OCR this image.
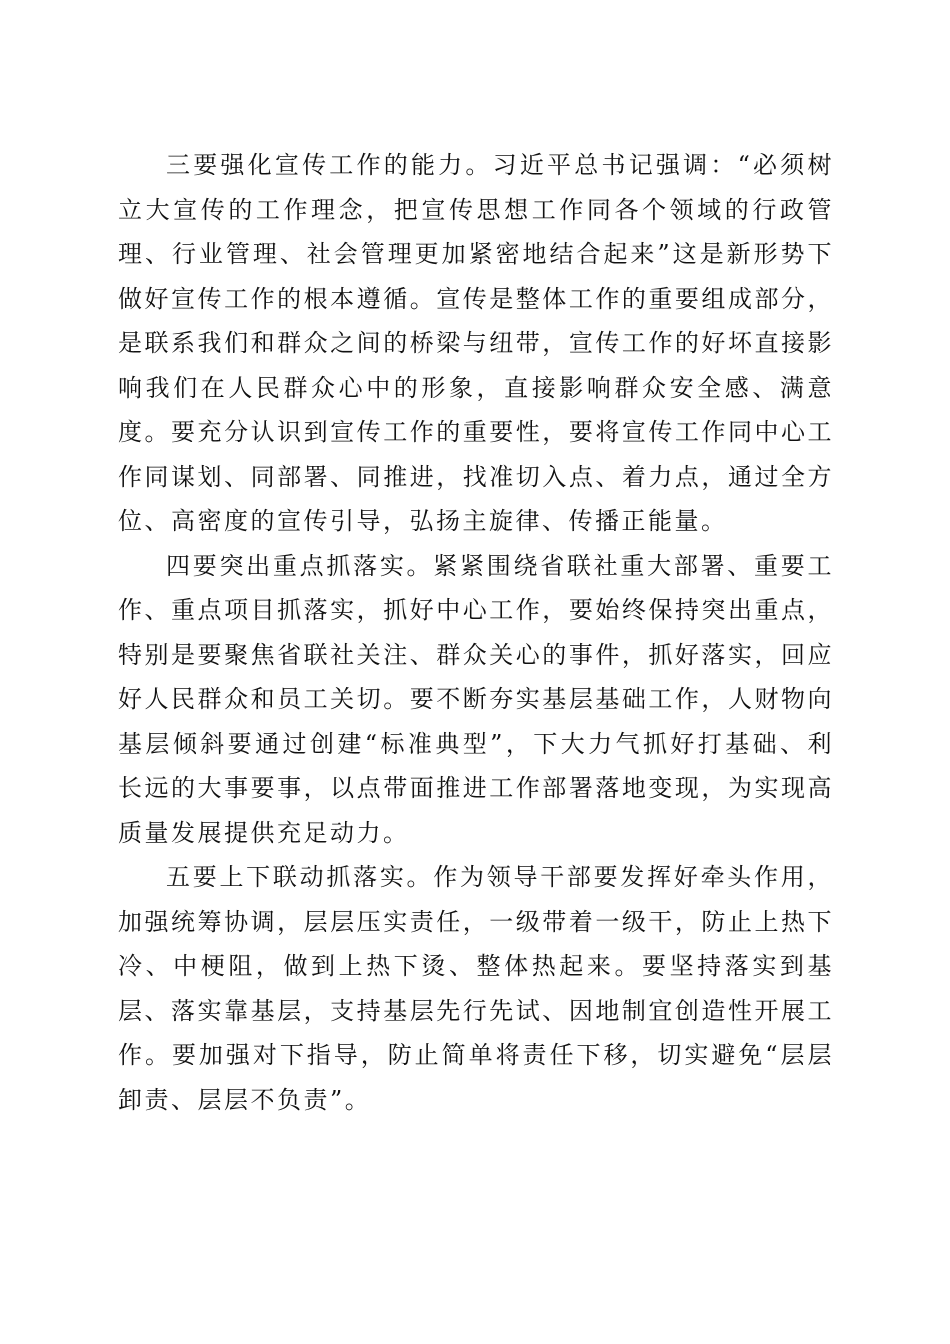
三要强化宣传工作的能力。习近平总书记强调：“必须树立大宣传的工作理念，把宣传思想工作同各个领域的行政管理、行业管理、社会管理更加紧密地结合起来”这是新形势下做好宣传工作的根本遵循。宣传是整体工作的重要组成部分，是联系我们和群众之间的桥梁与纽带，宣传工作的好坏直接影响我们在人民群众心中的形象，直接影响群众安全感、满意度。要充分认识到宣传工作的重要性，要将宣传工作同中心工作同谋划、同部署、同推进，找准切入点、着力点，通过全方位、高密度的宣传引导，弘扬主旋律、传播正能量。

四要突出重点抓落实。紧紧围绕省联社重大部署、重要工作、重点项目抓落实，抓好中心工作，要始终保持突出重点，特别是要聚焦省联社关注、群众关心的事件，抓好落实，回应好人民群众和员工关切。要不断夯实基层基础工作，人财物向基层倾斜要通过创建“标准典型”，下大力气抓好打基础、利长远的大事要事，以点带面推进工作部署落地变现，为实现高质量发展提供充足动力。

五要上下联动抓落实。作为领导干部要发挥好牵头作用，加强统筹协调，层层压实责任，一级带着一级干，防止上热下冷、中梗阻，做到上热下烫、整体热起来。要坚持落实到基层、落实靠基层，支持基层先行先试、因地制宜创造性开展工作。要加强对下指导，防止简单将责任下移，切实避免“层层卸责、层层不负责”。
